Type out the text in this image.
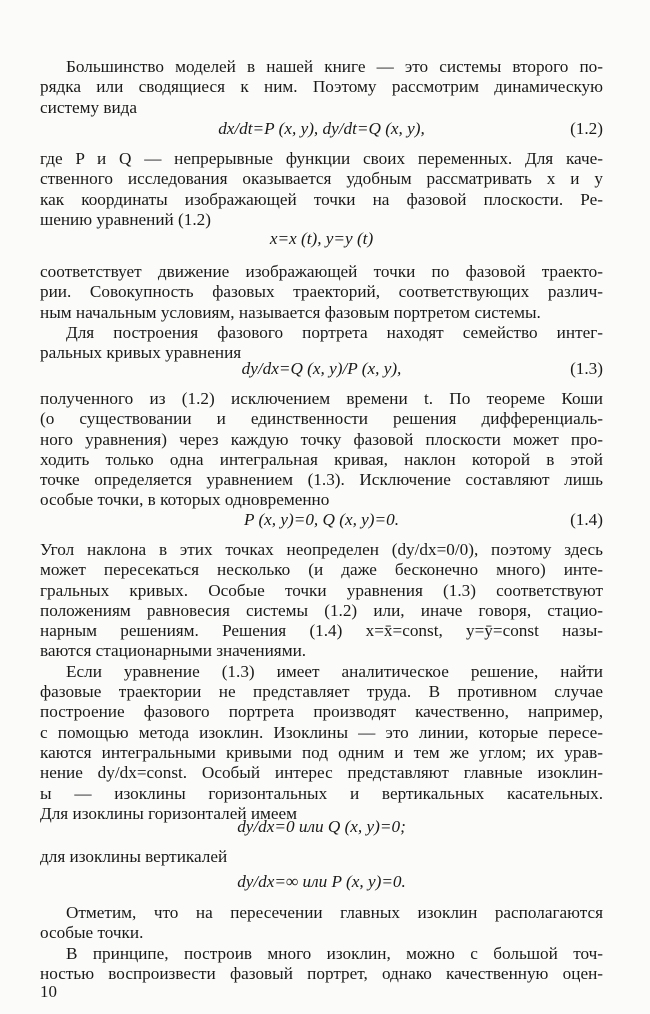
Большинство моделей в нашей книге — это системы второго по-
рядка или сводящиеся к ним. Поэтому рассмотрим динамическую
систему вида
dx/dt=P (x, y), dy/dt=Q (x, y),	(1.2)
где P и Q — непрерывные функции своих переменных. Для каче-
ственного исследования оказывается удобным рассматривать x и y
как координаты изображающей точки на фазовой плоскости. Ре-
шению уравнений (1.2)
x=x (t), y=y (t)
соответствует движение изображающей точки по фазовой траекто-
рии. Совокупность фазовых траекторий, соответствующих различ-
ным начальным условиям, называется фазовым портретом системы.
Для построения фазового портрета находят семейство интег-
ральных кривых уравнения
dy/dx=Q (x, y)/P (x, y),	(1.3)
полученного из (1.2) исключением времени t. По теореме Коши
(о существовании и единственности решения дифференциаль-
ного уравнения) через каждую точку фазовой плоскости может про-
ходить только одна интегральная кривая, наклон которой в этой
точке определяется уравнением (1.3). Исключение составляют лишь
особые точки, в которых одновременно
P (x, y)=0, Q (x, y)=0.	(1.4)
Угол наклона в этих точках неопределен (dy/dx=0/0), поэтому здесь
может пересекаться несколько (и даже бесконечно много) инте-
гральных кривых. Особые точки уравнения (1.3) соответствуют
положениям равновесия системы (1.2) или, иначе говоря, стацио-
нарным решениям. Решения (1.4) x=x̄=const, y=ȳ=const назы-
ваются стационарными значениями.
Если уравнение (1.3) имеет аналитическое решение, найти
фазовые траектории не представляет труда. В противном случае
построение фазового портрета производят качественно, например,
с помощью метода изоклин. Изоклины — это линии, которые пересе-
каются интегральными кривыми под одним и тем же углом; их урав-
нение dy/dx=const. Особый интерес представляют главные изоклин-
ы — изоклины горизонтальных и вертикальных касательных.
Для изоклины горизонталей имеем
dy/dx=0 или Q (x, y)=0;
для изоклины вертикалей
dy/dx=∞ или P (x, y)=0.
Отметим, что на пересечении главных изоклин располагаются
особые точки.
В принципе, построив много изоклин, можно с большой точ-
ностью воспроизвести фазовый портрет, однако качественную оцен-
10
